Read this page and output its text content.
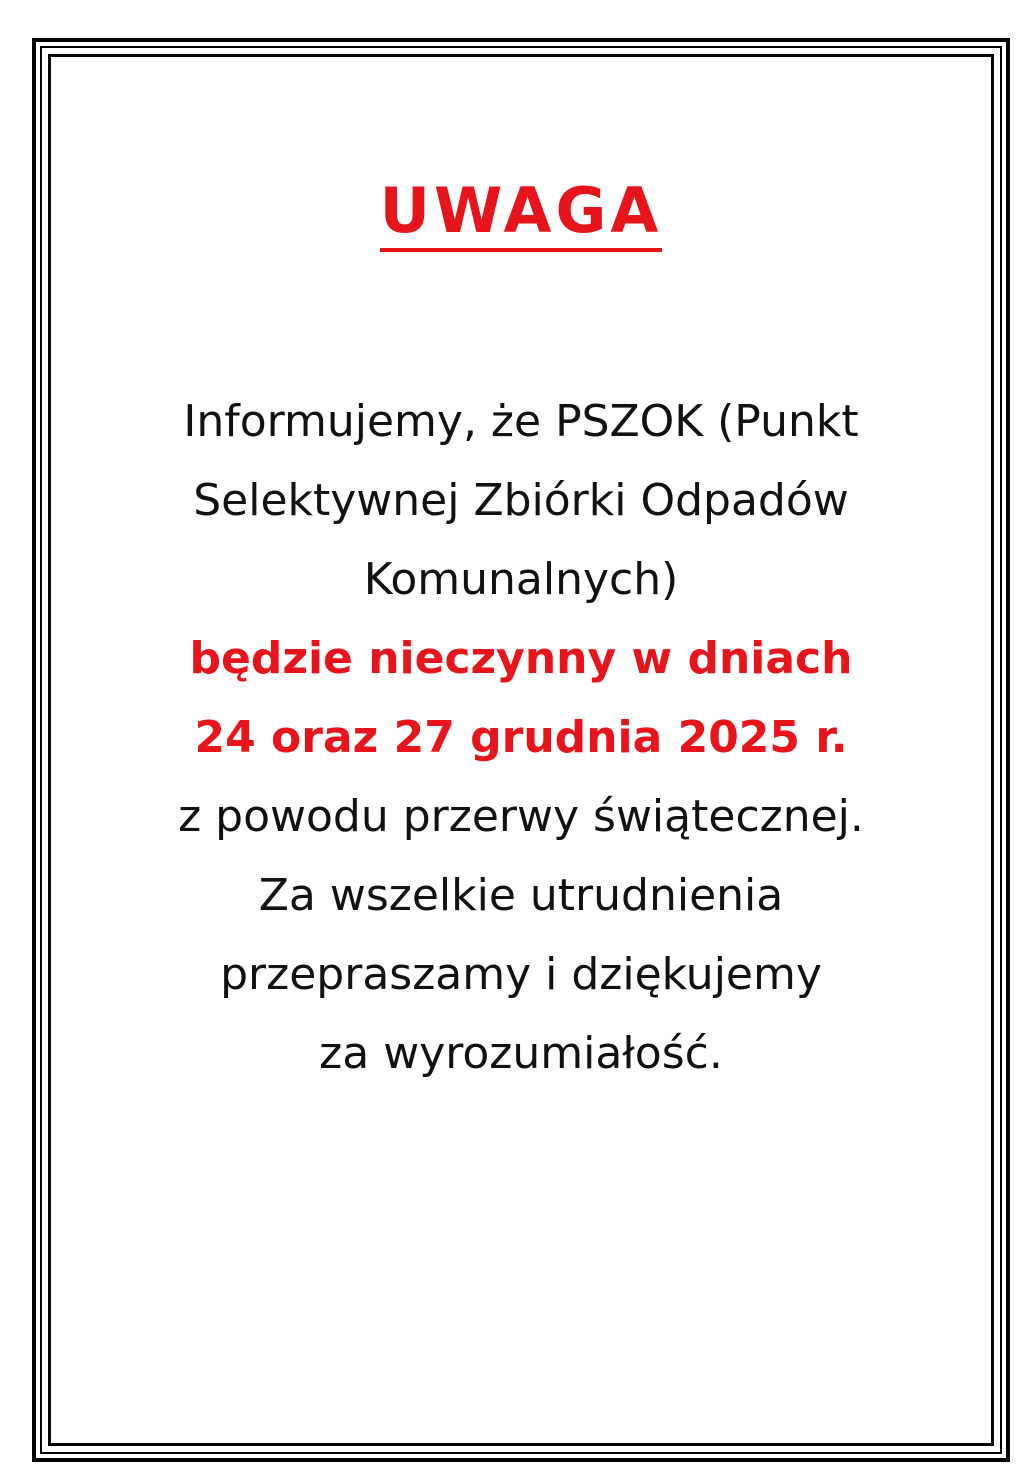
UWAGA
Informujemy, że PSZOK (Punkt
Selektywnej Zbiórki Odpadów
Komunalnych)
będzie nieczynny w dniach
24 oraz 27 grudnia 2025 r.
z powodu przerwy świątecznej.
Za wszelkie utrudnienia
przepraszamy i dziękujemy
za wyrozumiałość.
